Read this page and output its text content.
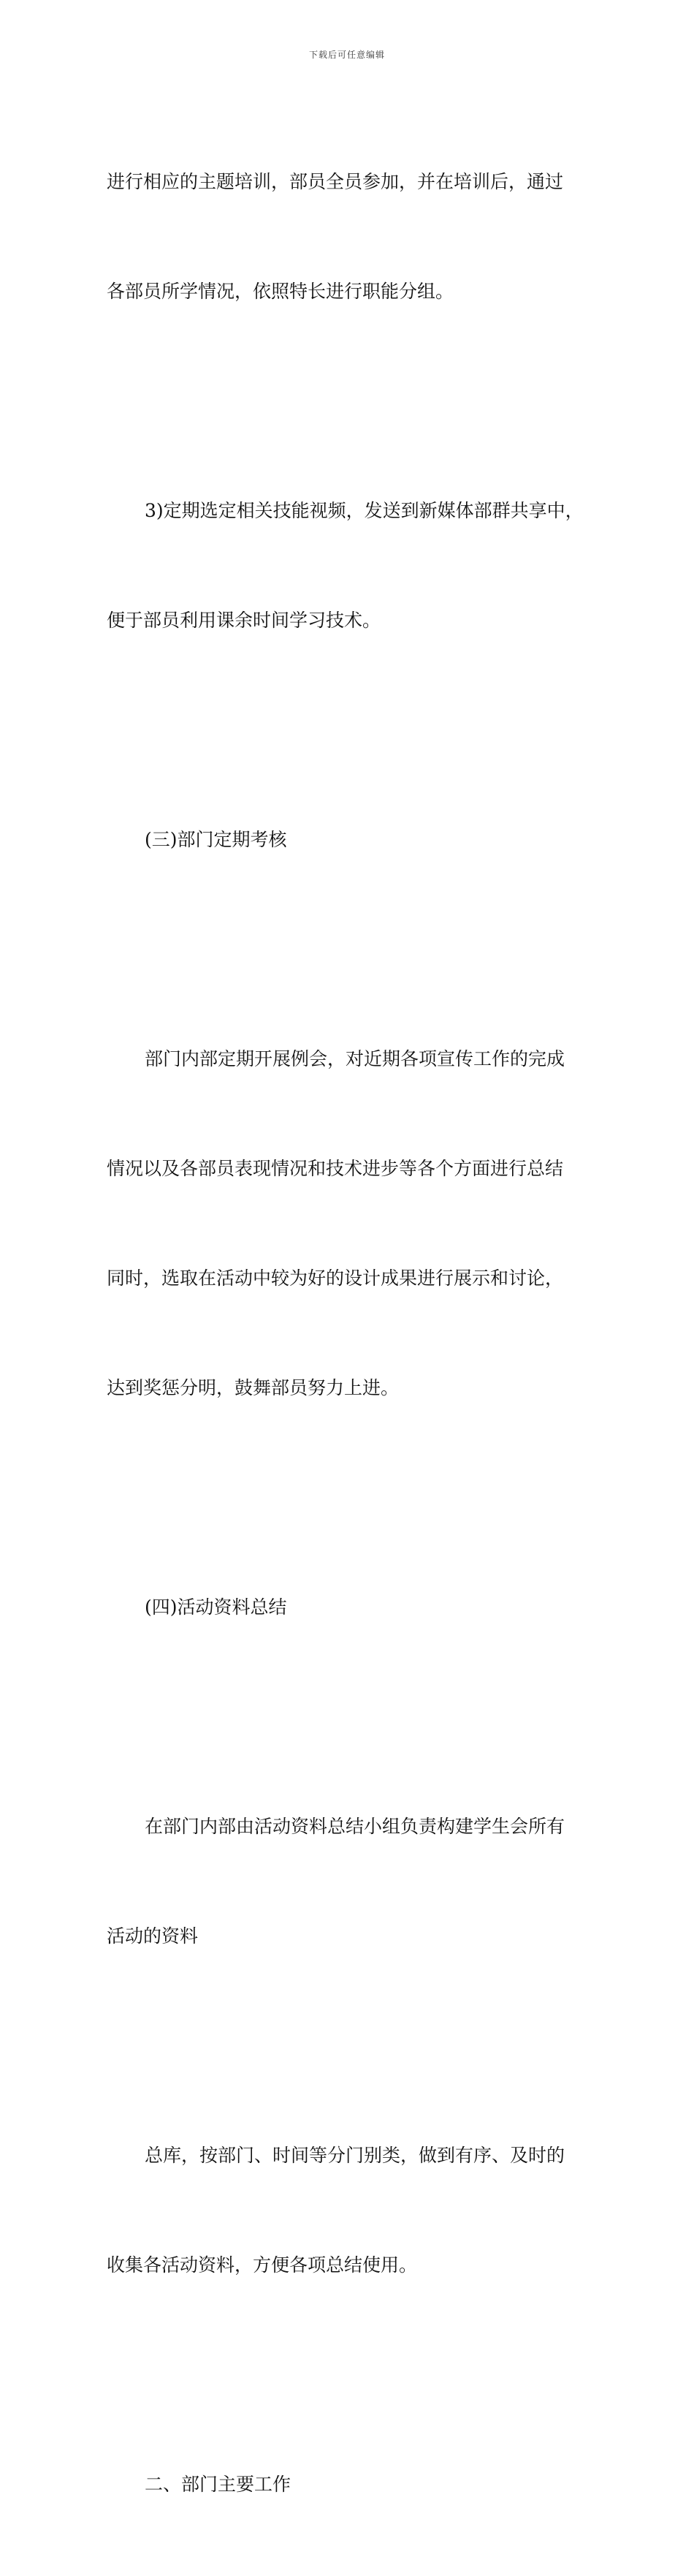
下载后可任意编辑

进行相应的主题培训，部员全员参加，并在培训后，通过

各部员所学情况，依照特长进行职能分组。

3)定期选定相关技能视频，发送到新媒体部群共享中，

便于部员利用课余时间学习技术。

(三)部门定期考核

部门内部定期开展例会，对近期各项宣传工作的完成

情况以及各部员表现情况和技术进步等各个方面进行总结

同时，选取在活动中较为好的设计成果进行展示和讨论，

达到奖惩分明，鼓舞部员努力上进。

(四)活动资料总结

在部门内部由活动资料总结小组负责构建学生会所有

活动的资料

总库，按部门、时间等分门别类，做到有序、及时的

收集各活动资料，方便各项总结使用。

二、部门主要工作
